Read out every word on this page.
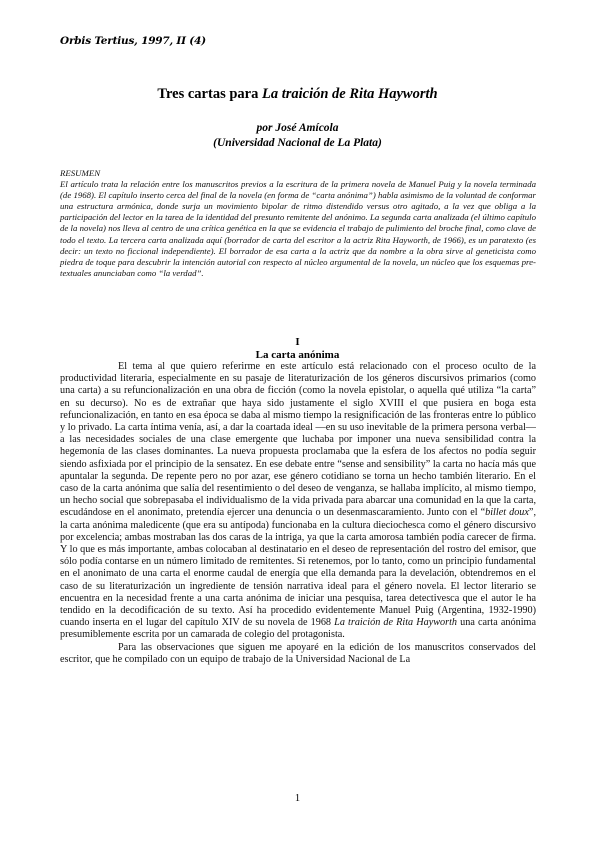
Orbis Tertius, 1997, II (4)
Tres cartas para La traición de Rita Hayworth
por José Amícola
(Universidad Nacional de La Plata)
RESUMEN
El artículo trata la relación entre los manuscritos previos a la escritura de la primera novela de Manuel Puig y la novela terminada (de 1968). El capítulo inserto cerca del final de la novela (en forma de “carta anónima”) habla asimismo de la voluntad de conformar una estructura armónica, donde surja un movimiento bipolar de ritmo distendido versus otro agitado, a la vez que obliga a la participación del lector en la tarea de la identidad del presunto remitente del anónimo. La segunda carta analizada (el último capítulo de la novela) nos lleva al centro de una crítica genética en la que se evidencia el trabajo de pulimiento del broche final, como clave de todo el texto. La tercera carta analizada aquí (borrador de carta del escritor a la actriz Rita Hayworth, de 1966), es un paratexto (es decir: un texto no ficcional independiente). El borrador de esa carta a la actriz que da nombre a la obra sirve al geneticista como piedra de toque para descubrir la intención autorial con respecto al núcleo argumental de la novela, un núcleo que los esquemas pre-textuales anunciaban como “la verdad”.
I
La carta anónima

El tema al que quiero referirme en este artículo está relacionado con el proceso oculto de la productividad literaria, especialmente en su pasaje de literaturización de los géneros discursivos primarios (como una carta) a su refuncionalización en una obra de ficción (como la novela epistolar, o aquella qué utiliza “la carta” en su decurso). No es de extrañar que haya sido justamente el siglo XVIII el que pusiera en boga esta refuncionalización, en tanto en esa época se daba al mismo tiempo la resignificación de las fronteras entre lo público y lo privado. La carta íntima venía, así, a dar la coartada ideal —en su uso inevitable de la primera persona verbal— a las necesidades sociales de una clase emergente que luchaba por imponer una nueva sensibilidad contra la hegemonía de las clases dominantes. La nueva propuesta proclamaba que la esfera de los afectos no podía seguir siendo asfixiada por el principio de la sensatez. En ese debate entre “sense and sensibility” la carta no hacía más que apuntalar la segunda. De repente pero no por azar, ese género cotidiano se torna un hecho también literario. En el caso de la carta anónima que salía del resentimiento o del deseo de venganza, se hallaba implícito, al mismo tiempo, un hecho social que sobrepasaba el individualismo de la vida privada para abarcar una comunidad en la que la carta, escudándose en el anonimato, pretendía ejercer una denuncia o un desenmascaramiento. Junto con el “billet doux”, la carta anónima maledicente (que era su antípoda) funcionaba en la cultura dieciochesca como el género discursivo por excelencia; ambas mostraban las dos caras de la intriga, ya que la carta amorosa también podía carecer de firma. Y lo que es más importante, ambas colocaban al destinatario en el deseo de representación del rostro del emisor, que sólo podía contarse en un número limitado de remitentes. Si retenemos, por lo tanto, como un principio fundamental en el anonimato de una carta el enorme caudal de energía que ella demanda para la develación, obtendremos en el caso de su literaturización un ingrediente de tensión narrativa ideal para el género novela. El lector literario se encuentra en la necesidad frente a una carta anónima de iniciar una pesquisa, tarea detectivesca que el autor le ha tendido en la decodificación de su texto. Así ha procedido evidentemente Manuel Puig (Argentina, 1932-1990) cuando inserta en el lugar del capítulo XIV de su novela de 1968 La traición de Rita Hayworth una carta anónima presumiblemente escrita por un camarada de colegio del protagonista.

Para las observaciones que siguen me apoyaré en la edición de los manuscritos conservados del escritor, que he compilado con un equipo de trabajo de la Universidad Nacional de La

1
